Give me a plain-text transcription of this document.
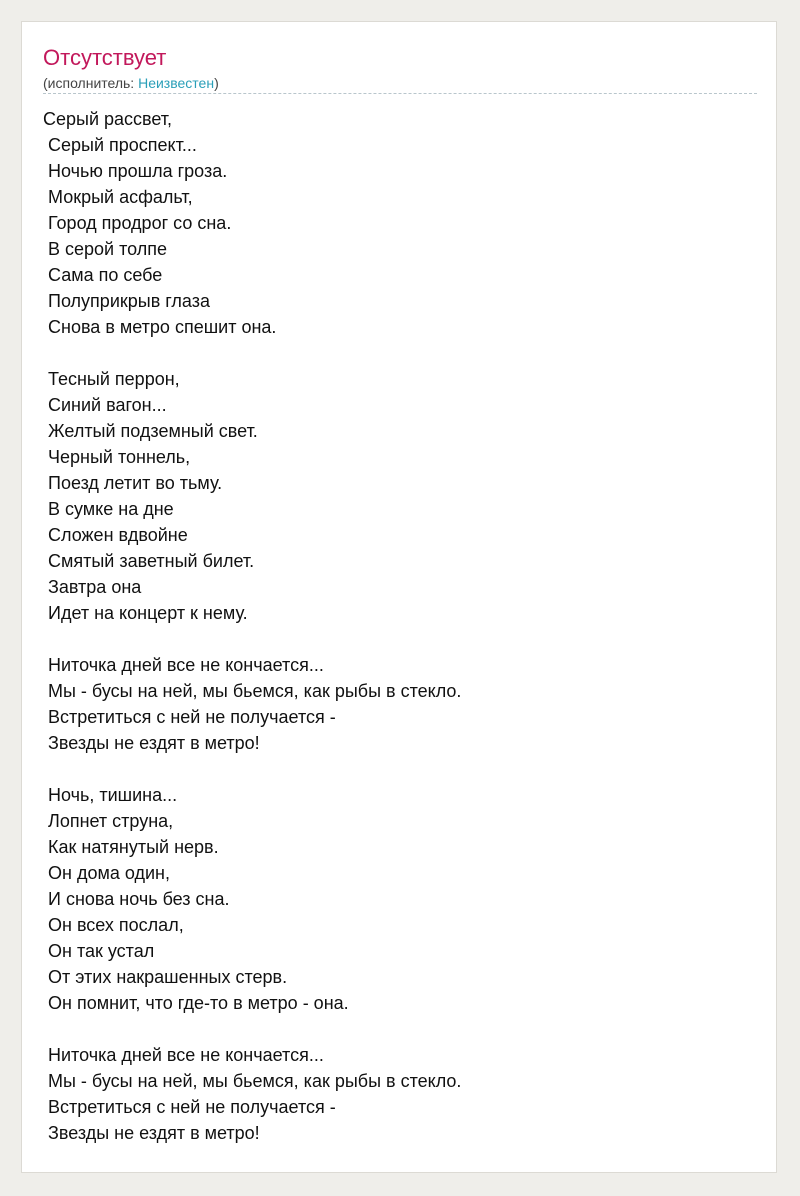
Отсутствует
(исполнитель: Неизвестен)
Серый рассвет,
Серый проспект...
Ночью прошла гроза.
Мокрый асфальт,
Город продрог со сна.
В серой толпе
Сама по себе
Полуприкрыв глаза
Снова в метро спешит она.
Тесный перрон,
Синий вагон...
Желтый подземный свет.
Черный тоннель,
Поезд летит во тьму.
В сумке на дне
Сложен вдвойне
Смятый заветный билет.
Завтра она
Идет на концерт к нему.
Ниточка дней все не кончается...
Мы - бусы на ней, мы бьемся, как рыбы в стекло.
Встретиться с ней не получается -
Звезды не ездят в метро!
Ночь, тишина...
Лопнет струна,
Как натянутый нерв.
Он дома один,
И снова ночь без сна.
Он всех послал,
Он так устал
От этих накрашенных стерв.
Он помнит, что где-то в метро - она.
Ниточка дней все не кончается...
Мы - бусы на ней, мы бьемся, как рыбы в стекло.
Встретиться с ней не получается -
Звезды не ездят в метро!
